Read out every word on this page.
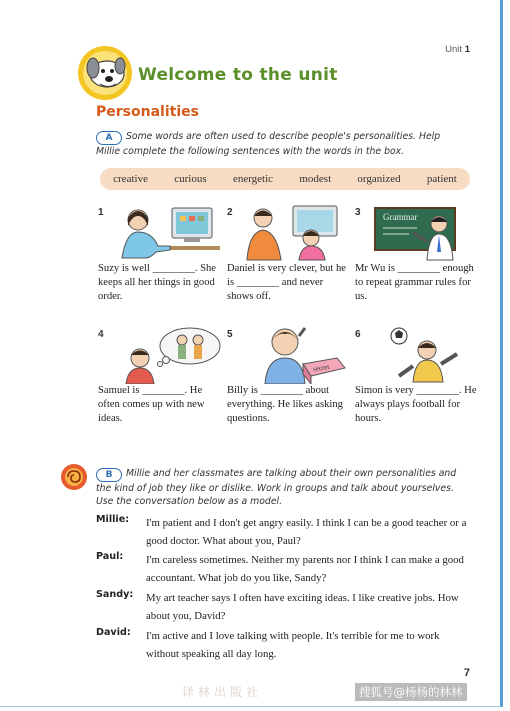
Unit 1
Welcome to the unit
Personalities
A Some words are often used to describe people's personalities. Help Millie complete the following sentences with the words in the box.
creative curious energetic modest organized patient
1
Suzy is well ________. She keeps all her things in good order.
2
Daniel is very clever, but he is ________ and never shows off.
3 Grammar
Mr Wu is ________ enough to repeat grammar rules for us.
4
Samuel is ________. He often comes up with new ideas.
5
secret
Billy is ________ about everything. He likes asking questions.
6
Simon is very ________. He always plays football for hours.
B Millie and her classmates are talking about their own personalities and the kind of job they like or dislike. Work in groups and talk about yourselves. Use the conversation below as a model.
Millie:	I'm patient and I don't get angry easily. I think I can be a good teacher or a good doctor. What about you, Paul?
Paul:	I'm careless sometimes. Neither my parents nor I think I can make a good accountant. What job do you like, Sandy?
Sandy:	My art teacher says I often have exciting ideas. I like creative jobs. How about you, David?
David:	I'm active and I love talking with people. It's terrible for me to work without speaking all day long.
7
译林出版社	搜狐号@杨杨的林林
